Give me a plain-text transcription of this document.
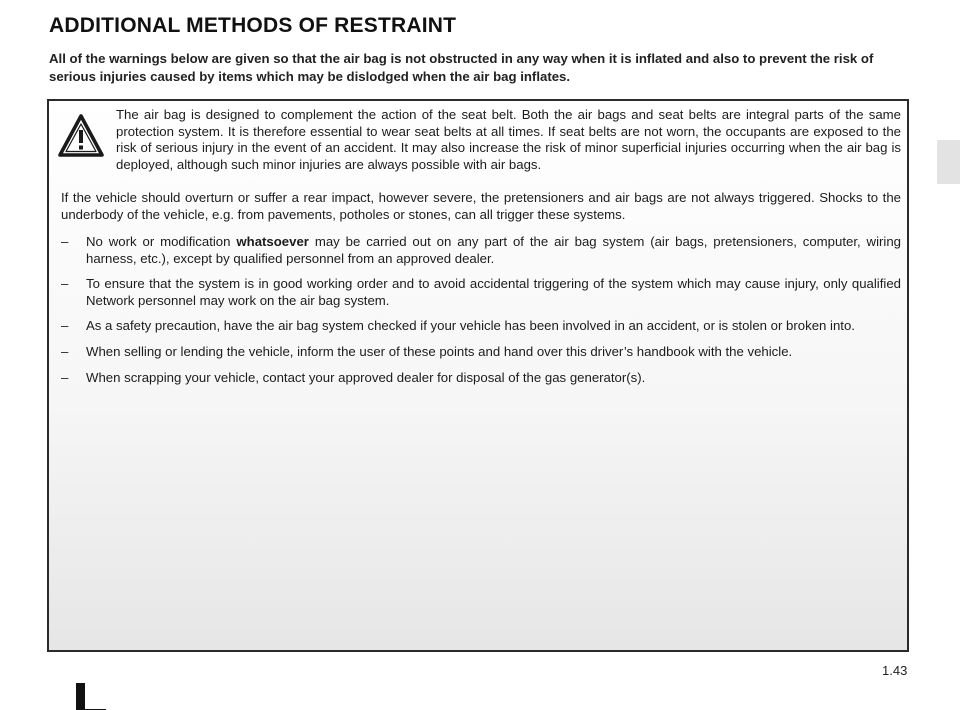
ADDITIONAL METHODS OF RESTRAINT
All of the warnings below are given so that the air bag is not obstructed in any way when it is inflated and also to prevent the risk of serious injuries caused by items which may be dislodged when the air bag inflates.
The air bag is designed to complement the action of the seat belt. Both the air bags and seat belts are integral parts of the same protection system. It is therefore essential to wear seat belts at all times. If seat belts are not worn, the occupants are exposed to the risk of serious injury in the event of an accident. It may also increase the risk of minor superficial injuries occurring when the air bag is deployed, although such minor injuries are always possible with air bags.
If the vehicle should overturn or suffer a rear impact, however severe, the pretensioners and air bags are not always triggered. Shocks to the underbody of the vehicle, e.g. from pavements, potholes or stones, can all trigger these systems.
– No work or modification whatsoever may be carried out on any part of the air bag system (air bags, pretensioners, computer, wiring harness, etc.), except by qualified personnel from an approved dealer.
– To ensure that the system is in good working order and to avoid accidental triggering of the system which may cause injury, only qualified Network personnel may work on the air bag system.
– As a safety precaution, have the air bag system checked if your vehicle has been involved in an accident, or is stolen or broken into.
– When selling or lending the vehicle, inform the user of these points and hand over this driver’s handbook with the vehicle.
– When scrapping your vehicle, contact your approved dealer for disposal of the gas generator(s).
1.43
